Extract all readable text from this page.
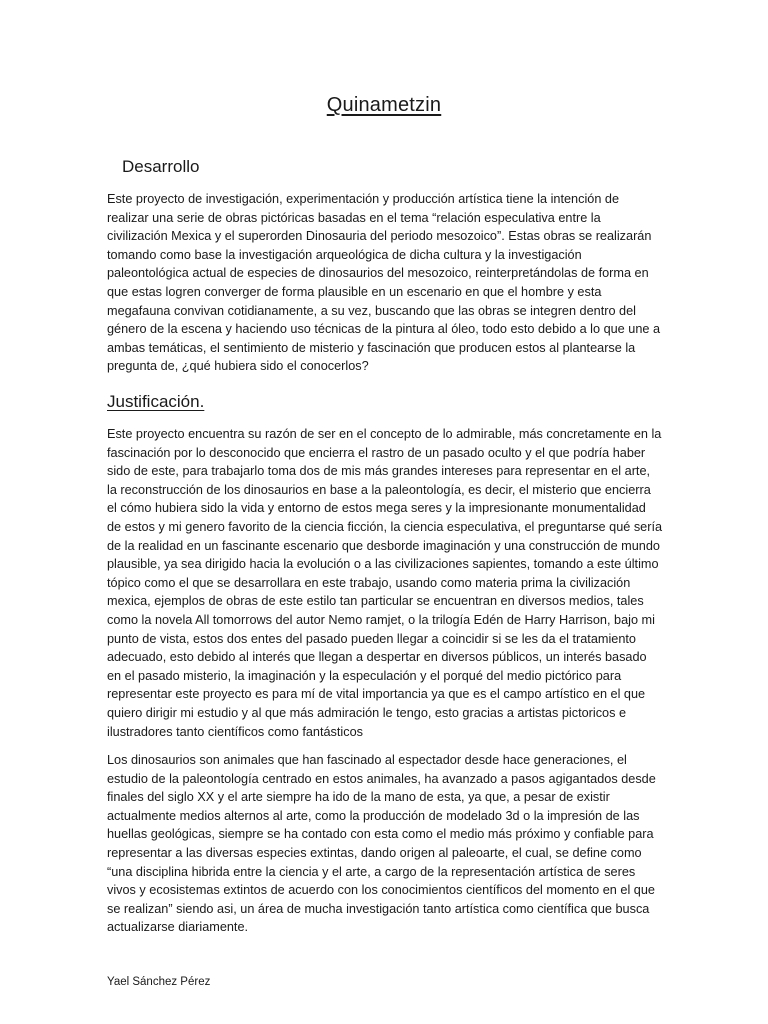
Quinametzin
Desarrollo

Este proyecto de investigación, experimentación y producción artística tiene la intención de realizar una serie de obras pictóricas basadas en el tema “relación especulativa entre la civilización Mexica y el superorden Dinosauria del periodo mesozoico”. Estas obras se realizarán tomando como base la investigación arqueológica de dicha cultura y la investigación paleontológica actual de especies de dinosaurios del mesozoico, reinterpretándolas de forma en que estas logren converger de forma plausible en un escenario en que el hombre y esta megafauna convivan cotidianamente, a su vez, buscando que las obras se integren dentro del género de la escena y haciendo uso técnicas de la pintura al óleo, todo esto debido a lo que une a ambas temáticas, el sentimiento de misterio y fascinación que producen estos al plantearse la pregunta de, ¿qué hubiera sido el conocerlos?

Justificación.

Este proyecto encuentra su razón de ser en el concepto de lo admirable, más concretamente en la fascinación por lo desconocido que encierra el rastro de un pasado oculto y el que podría haber sido de este, para trabajarlo toma dos de mis más grandes intereses para representar en el arte, la reconstrucción de los dinosaurios en base a la paleontología, es decir, el misterio que encierra el cómo hubiera sido la vida y entorno de estos mega seres y la impresionante monumentalidad de estos y mi genero favorito de la ciencia ficción, la ciencia especulativa, el preguntarse qué sería de la realidad en un fascinante escenario que desborde imaginación y una construcción de mundo plausible, ya sea dirigido hacia la evolución o a las civilizaciones sapientes, tomando a este último tópico como el que se desarrollara en este trabajo, usando como materia prima la civilización mexica, ejemplos de obras de este estilo tan particular se encuentran en diversos medios, tales como la novela All tomorrows del autor Nemo ramjet, o la trilogía Edén de Harry Harrison, bajo mi punto de vista, estos dos entes del pasado pueden llegar a coincidir si se les da el tratamiento adecuado, esto debido al interés que llegan a despertar en diversos públicos, un interés basado en el pasado misterio, la imaginación y la especulación y el porqué del medio pictórico para representar este proyecto es para mí de vital importancia ya que es el campo artístico en el que quiero dirigir mi estudio y al que más admiración le tengo, esto gracias a artistas pictoricos e ilustradores tanto científicos como fantásticos

Los dinosaurios son animales que han fascinado al espectador desde hace generaciones, el estudio de la paleontología centrado en estos animales, ha avanzado a pasos agigantados desde finales del siglo XX y el arte siempre ha ido de la mano de esta, ya que, a pesar de existir actualmente medios alternos al arte, como la producción de modelado 3d o la impresión de las huellas geológicas, siempre se ha contado con esta como el medio más próximo y confiable para representar a las diversas especies extintas, dando origen al paleoarte, el cual, se define como “una disciplina hibrida entre la ciencia y el arte, a cargo de la representación artística de seres vivos y ecosistemas extintos de acuerdo con los conocimientos científicos del momento en el que se realizan” siendo asi, un área de mucha investigación tanto artística como científica que busca actualizarse diariamente.

Yael Sánchez Pérez
